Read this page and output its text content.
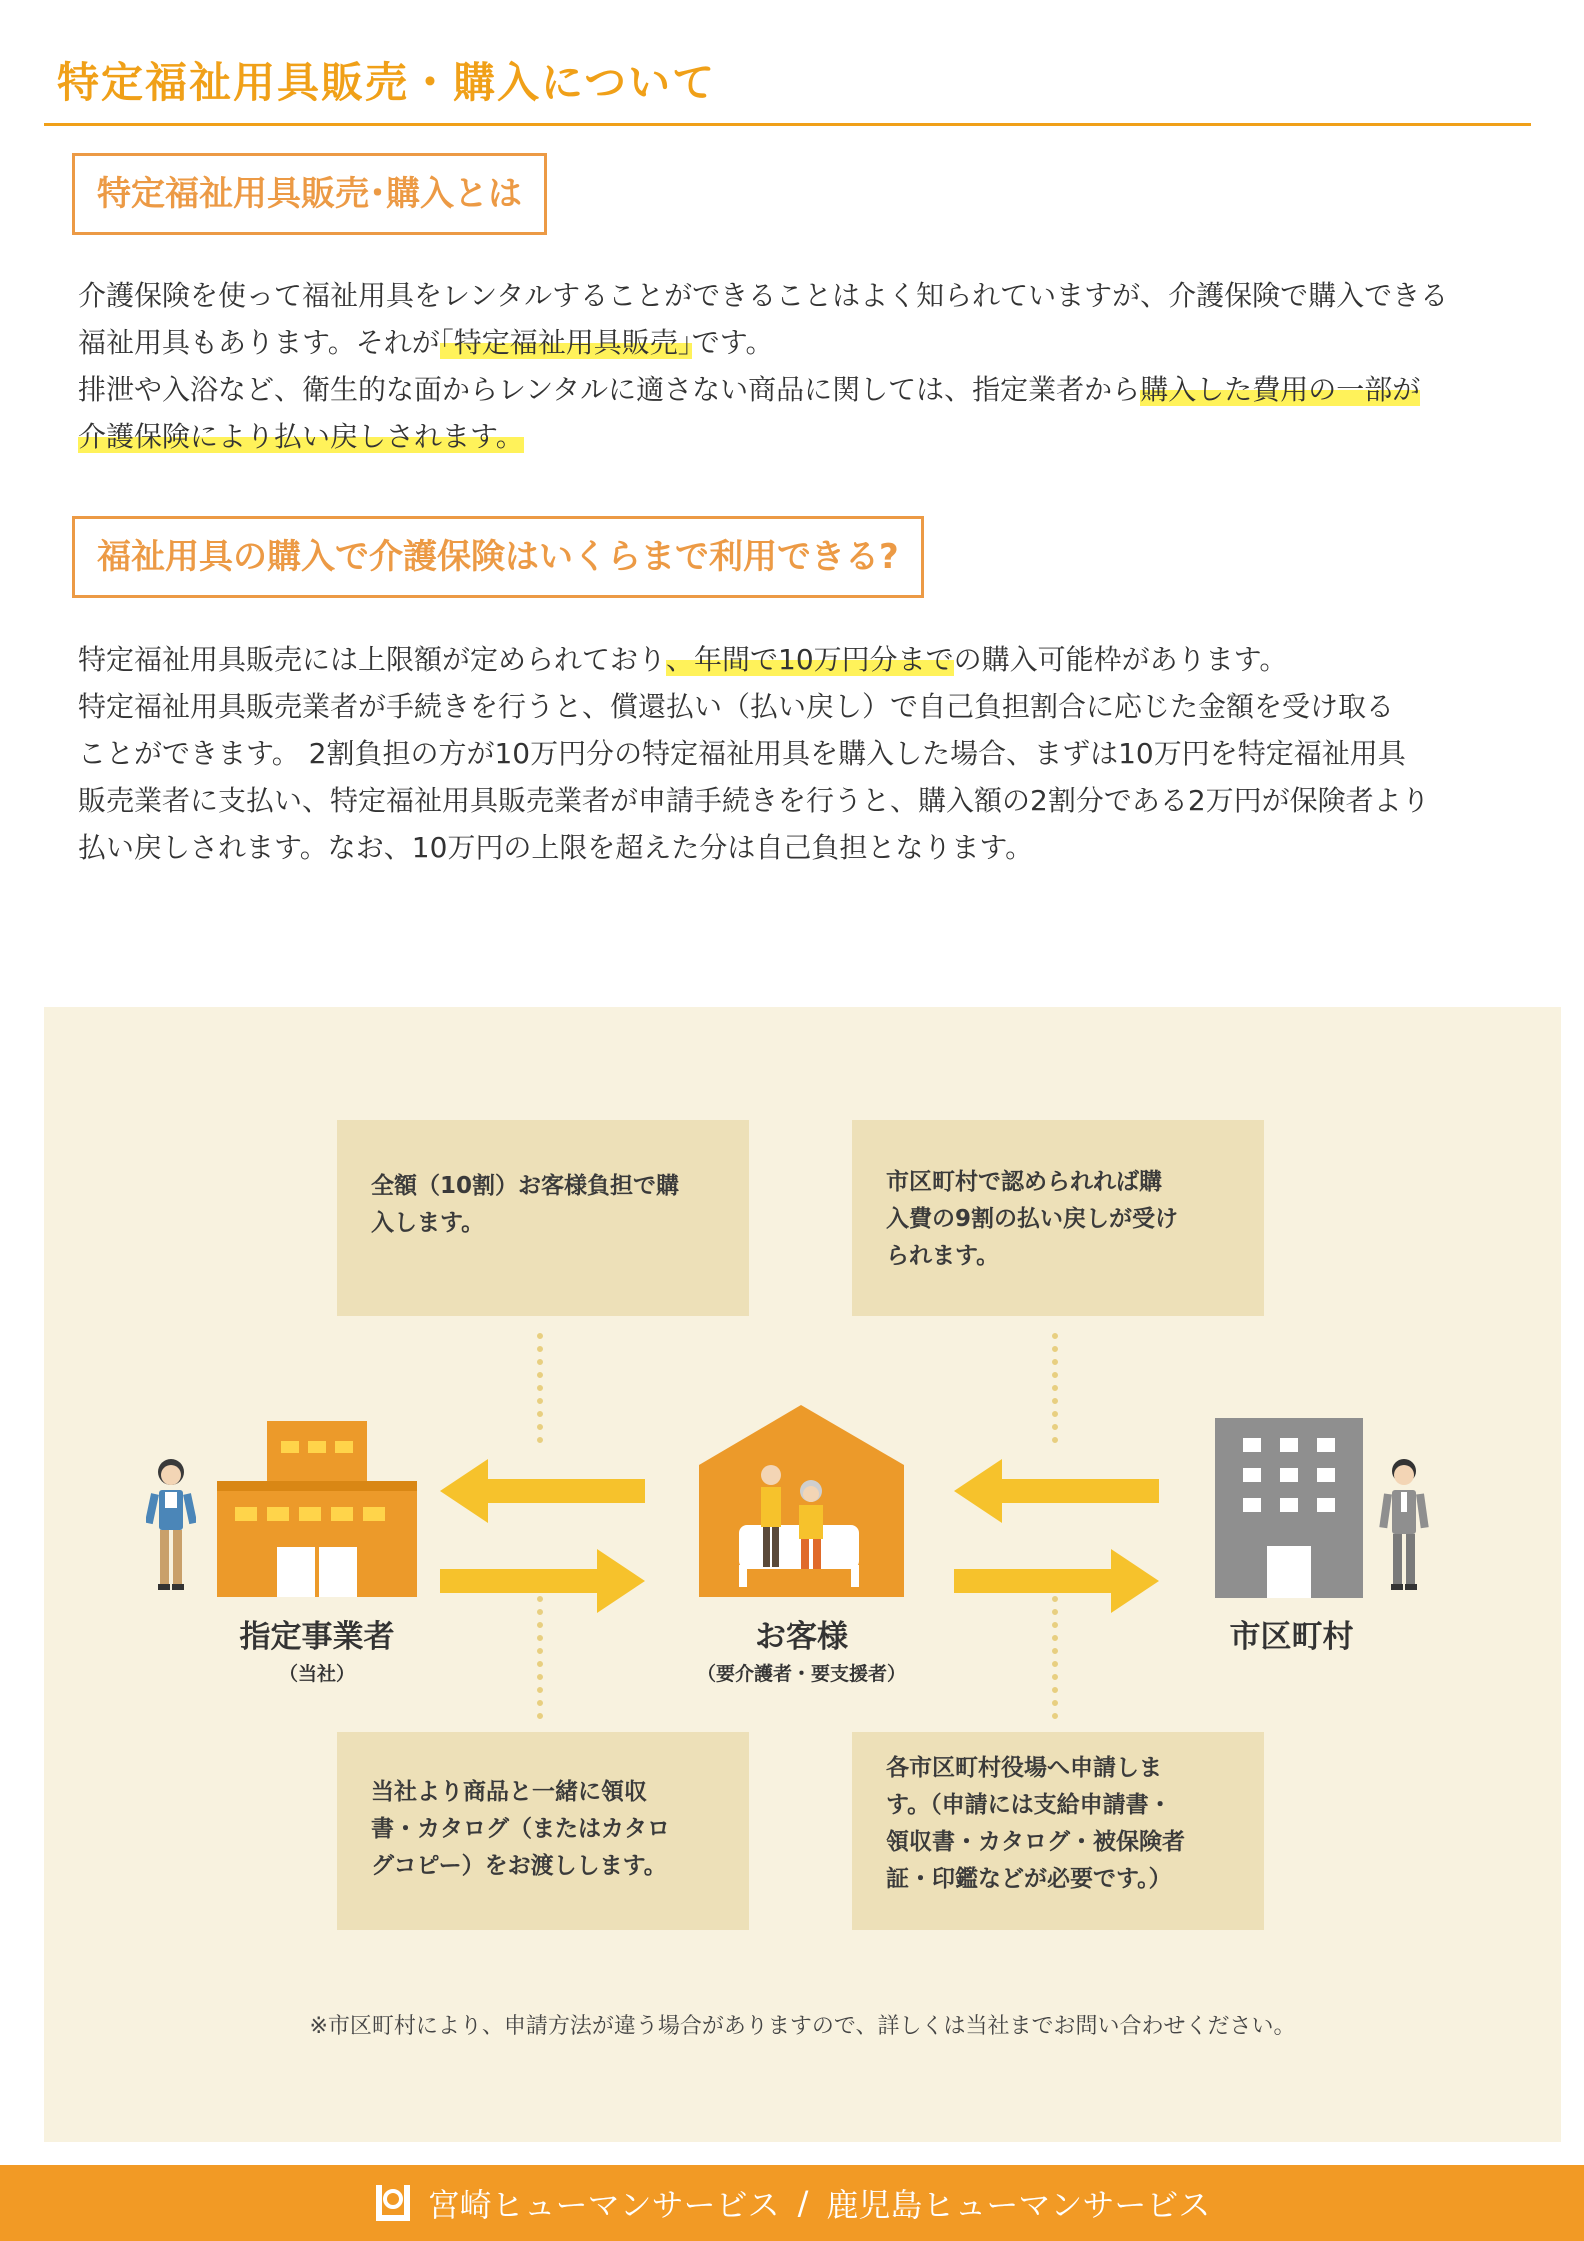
特定福祉用具販売・購入について
特定福祉用具販売･購入とは
介護保険を使って福祉用具をレンタルすることができることはよく知られていますが、介護保険で購入できる
福祉用具もあります。それが｢特定福祉用具販売｣です。
排泄や入浴など、衛生的な面からレンタルに適さない商品に関しては、指定業者から購入した費用の一部が
介護保険により払い戻しされます。
福祉用具の購入で介護保険はいくらまで利用できる?
特定福祉用具販売には上限額が定められており、年間で10万円分までの購入可能枠があります。
特定福祉用具販売業者が手続きを行うと、償還払い（払い戻し）で自己負担割合に応じた金額を受け取る
ことができます。 2割負担の方が10万円分の特定福祉用具を購入した場合、まずは10万円を特定福祉用具
販売業者に支払い、特定福祉用具販売業者が申請手続きを行うと、購入額の2割分である2万円が保険者より
払い戻しされます。なお、10万円の上限を超えた分は自己負担となります。
全額（10割）お客様負担で購
入します。
市区町村で認められれば購
入費の9割の払い戻しが受け
られます。
当社より商品と一緒に領収
書・カタログ（またはカタロ
グコピー）をお渡しします。
各市区町村役場へ申請しま
す。（申請には支給申請書・
領収書・カタログ・被保険者
証・印鑑などが必要です。）
指定事業者
（当社）
お客様
（要介護者・要支援者）
市区町村
※市区町村により、申請方法が違う場合がありますので、詳しくは当社までお問い合わせください。
宮崎ヒューマンサービス / 鹿児島ヒューマンサービス
